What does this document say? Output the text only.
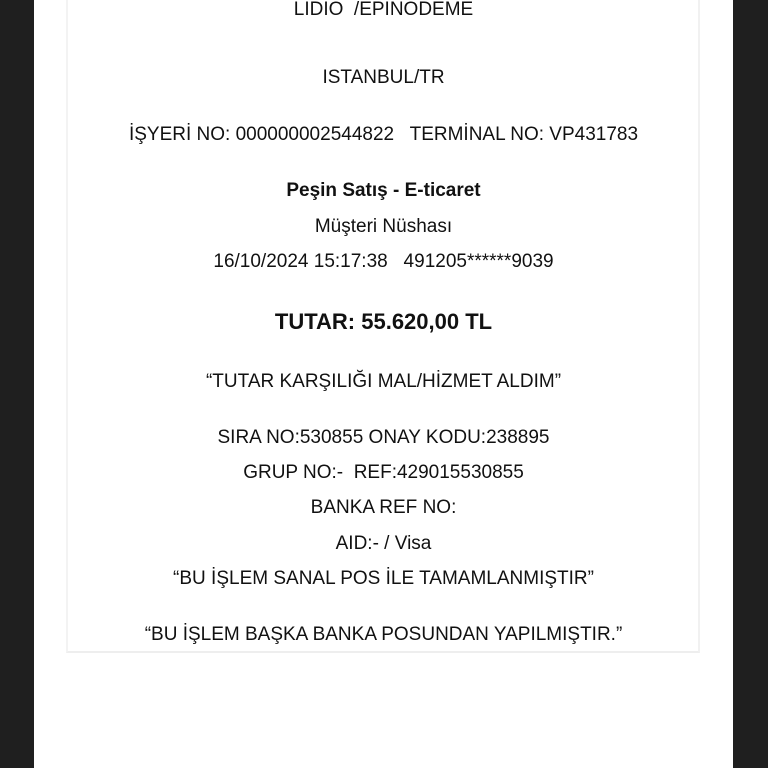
LIDIO  /EPINODEME
ISTANBUL/TR
İŞYERİ NO: 000000002544822   TERMİNAL NO: VP431783
Peşin Satış - E-ticaret
Müşteri Nüshası
16/10/2024 15:17:38   491205******9039
TUTAR: 55.620,00 TL
“TUTAR KARŞILIĞI MAL/HİZMET ALDIM”
SIRA NO:530855 ONAY KODU:238895
GRUP NO:-  REF:429015530855
BANKA REF NO:
AID:- / Visa
“BU İŞLEM SANAL POS İLE TAMAMLANMIŞTIR”
“BU İŞLEM BAŞKA BANKA POSUNDAN YAPILMIŞTIR.”
